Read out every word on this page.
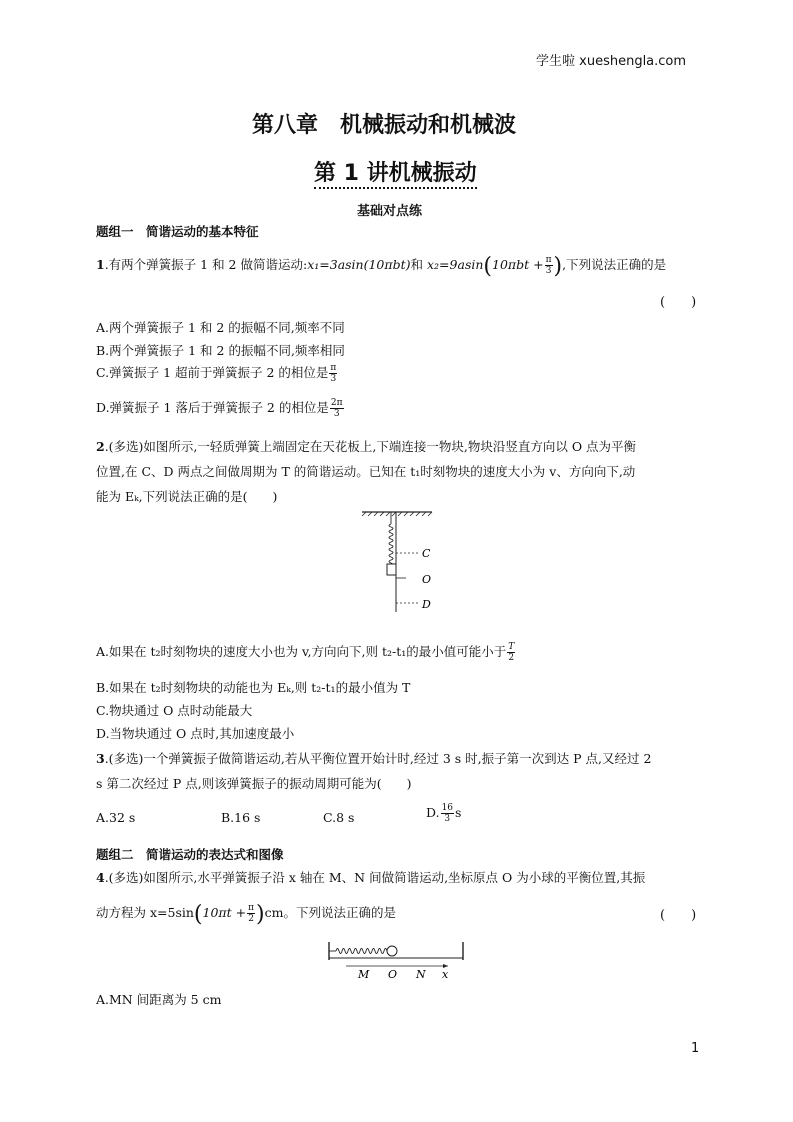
学生啦 xueshengla.com
第八章　机械振动和机械波
第 1 讲机械振动
基础对点练
题组一　简谐运动的基本特征
1.有两个弹簧振子 1 和 2 做简谐运动:x₁=3asin(10πbt)和 $x_2=9asin(10\pi bt + \frac{\pi}{3}$ ),下列说法正确的是
(　　)
A.两个弹簧振子 1 和 2 的振幅不同,频率不同
B.两个弹簧振子 1 和 2 的振幅不同,频率相同
C.弹簧振子 1 超前于弹簧振子 2 的相位是 $\frac{\pi}{3}$
D.弹簧振子 1 落后于弹簧振子 2 的相位是 $\frac{2\pi}{3}$
2.(多选)如图所示,一轻质弹簧上端固定在天花板上,下端连接一物块,物块沿竖直方向以 O 点为平衡
位置,在 C、D 两点之间做周期为 T 的简谐运动。已知在 t₁时刻物块的速度大小为 v、方向向下,动
能为 Eₖ,下列说法正确的是(　　)
C
O
D
A.如果在 t₂时刻物块的速度大小也为 v,方向向下,则 t₂-t₁的最小值可能小于 $\frac{T}{2}$
B.如果在 t₂时刻物块的动能也为 Eₖ,则 t₂-t₁的最小值为 T
C.物块通过 O 点时动能最大
D.当物块通过 O 点时,其加速度最小
3.(多选)一个弹簧振子做简谐运动,若从平衡位置开始计时,经过 3 s 时,振子第一次到达 P 点,又经过 2
s 第二次经过 P 点,则该弹簧振子的振动周期可能为(　　)
A.32 s	B.16 s	C.8 s	D. $\frac{16}{3}$ s
题组二　简谐运动的表达式和图像
4.(多选)如图所示,水平弹簧振子沿 x 轴在 M、N 间做简谐运动,坐标原点 O 为小球的平衡位置,其振
动方程为 $x=5\sin(10\pi t + \frac{\pi}{2} )cm$。下列说法正确的是	(　　)
M O N x
A.MN 间距离为 5 cm
1
